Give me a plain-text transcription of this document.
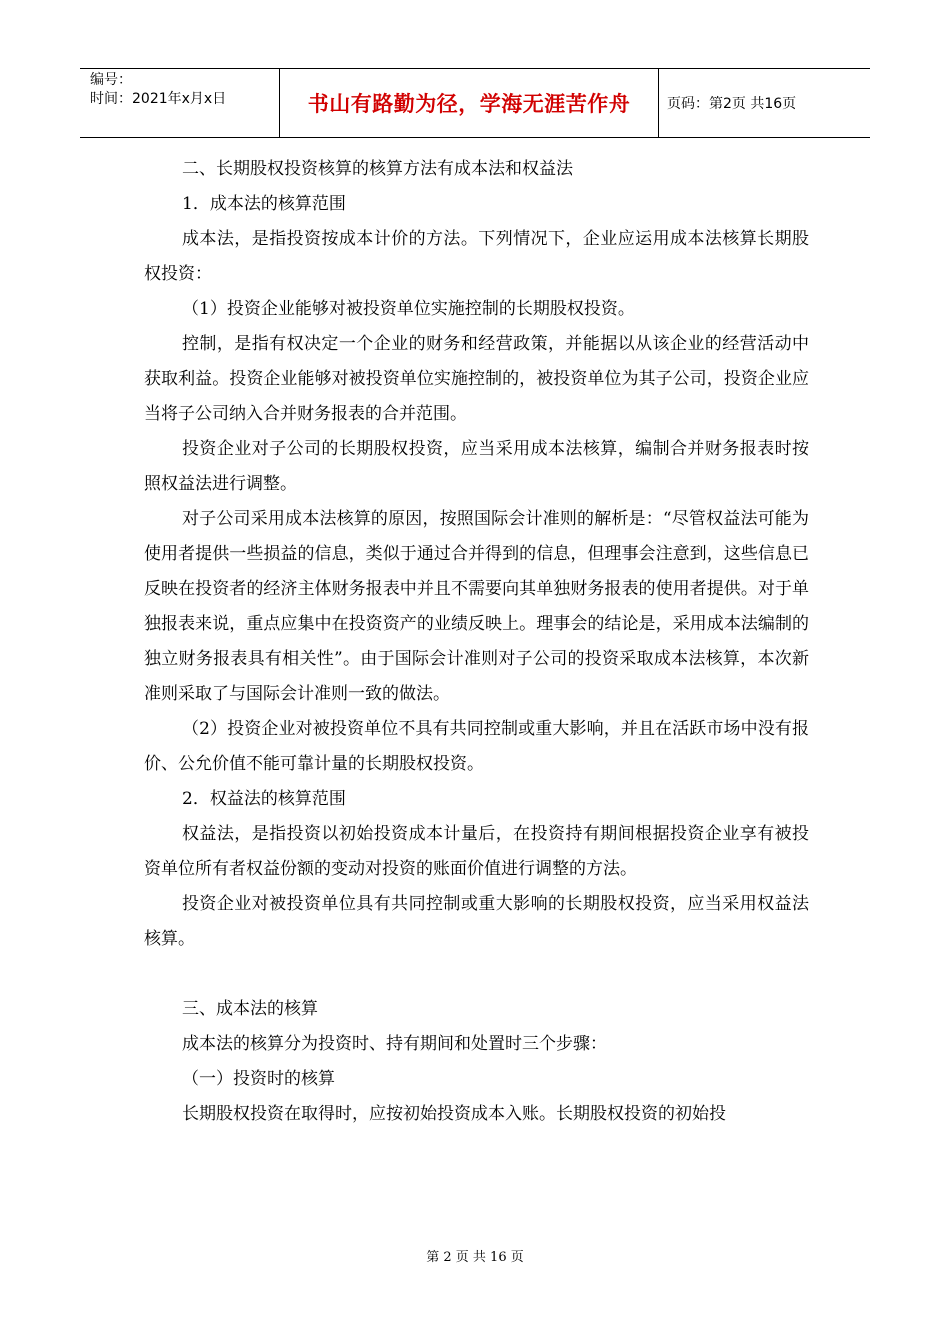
编号：
时间：2021年x月x日	书山有路勤为径，学海无涯苦作舟	页码：第2页 共16页

二、长期股权投资核算的核算方法有成本法和权益法

1．成本法的核算范围

成本法，是指投资按成本计价的方法。下列情况下，企业应运用成本法核算长期股权投资：

（1）投资企业能够对被投资单位实施控制的长期股权投资。

控制，是指有权决定一个企业的财务和经营政策，并能据以从该企业的经营活动中获取利益。投资企业能够对被投资单位实施控制的，被投资单位为其子公司，投资企业应当将子公司纳入合并财务报表的合并范围。

投资企业对子公司的长期股权投资，应当采用成本法核算，编制合并财务报表时按照权益法进行调整。

对子公司采用成本法核算的原因，按照国际会计准则的解析是：“尽管权益法可能为使用者提供一些损益的信息，类似于通过合并得到的信息，但理事会注意到，这些信息已反映在投资者的经济主体财务报表中并且不需要向其单独财务报表的使用者提供。对于单独报表来说，重点应集中在投资资产的业绩反映上。理事会的结论是，采用成本法编制的独立财务报表具有相关性”。由于国际会计准则对子公司的投资采取成本法核算，本次新准则采取了与国际会计准则一致的做法。

（2）投资企业对被投资单位不具有共同控制或重大影响，并且在活跃市场中没有报价、公允价值不能可靠计量的长期股权投资。

2．权益法的核算范围

权益法，是指投资以初始投资成本计量后，在投资持有期间根据投资企业享有被投资单位所有者权益份额的变动对投资的账面价值进行调整的方法。

投资企业对被投资单位具有共同控制或重大影响的长期股权投资，应当采用权益法核算。

三、成本法的核算

成本法的核算分为投资时、持有期间和处置时三个步骤：

（一）投资时的核算

长期股权投资在取得时，应按初始投资成本入账。长期股权投资的初始投

第 2 页 共 16 页
